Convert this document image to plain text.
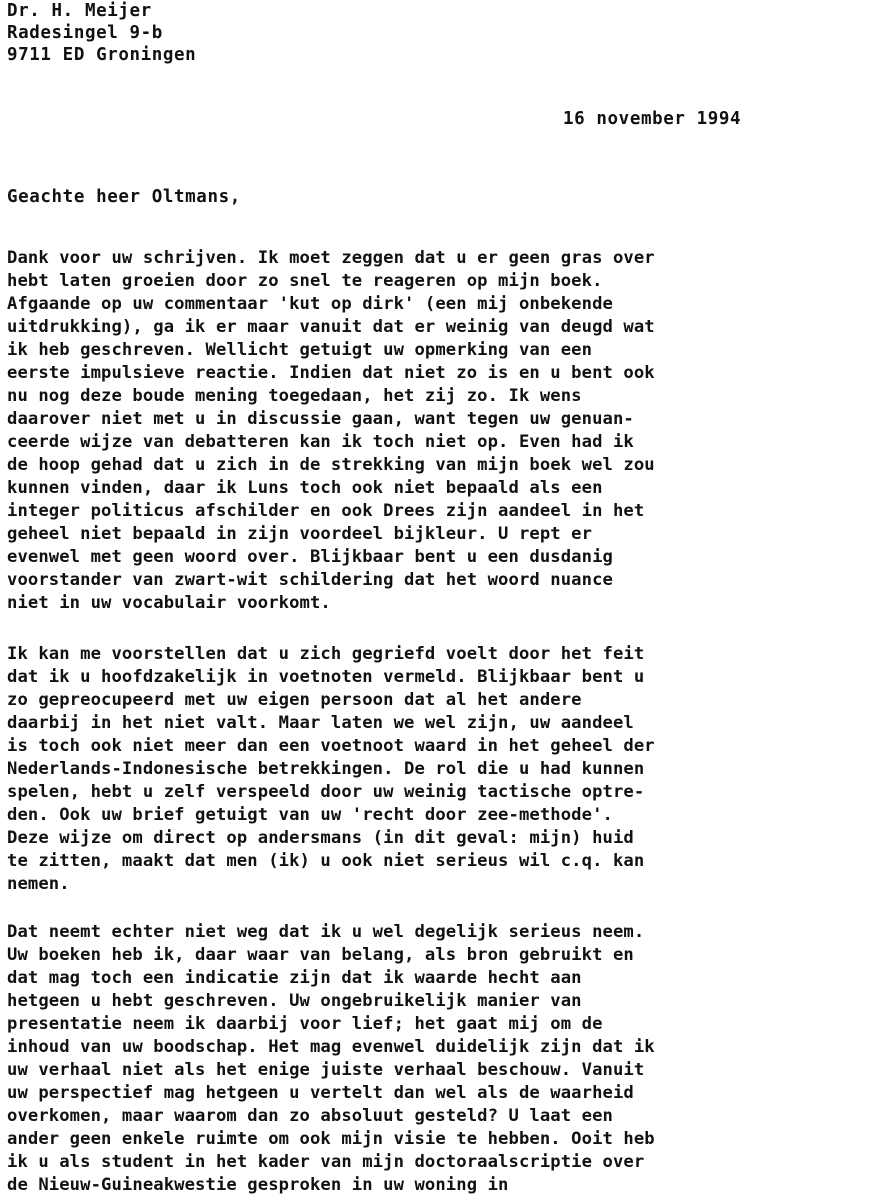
Dr. H. Meijer

Radesingel 9-b

9711 ED Groningen

16 november 1994

Geachte heer Oltmans,

Dank voor uw schrijven. Ik moet zeggen dat u er geen gras over

hebt laten groeien door zo snel te reageren op mijn boek.

Afgaande op uw commentaar 'kut op dirk' (een mij onbekende

uitdrukking), ga ik er maar vanuit dat er weinig van deugd wat

ik heb geschreven. Wellicht getuigt uw opmerking van een

eerste impulsieve reactie. Indien dat niet zo is en u bent ook

nu nog deze boude mening toegedaan, het zij zo. Ik wens

daarover niet met u in discussie gaan, want tegen uw genuan-

ceerde wijze van debatteren kan ik toch niet op. Even had ik

de hoop gehad dat u zich in de strekking van mijn boek wel zou

kunnen vinden, daar ik Luns toch ook niet bepaald als een

integer politicus afschilder en ook Drees zijn aandeel in het

geheel niet bepaald in zijn voordeel bijkleur. U rept er

evenwel met geen woord over. Blijkbaar bent u een dusdanig

voorstander van zwart-wit schildering dat het woord nuance

niet in uw vocabulair voorkomt.

Ik kan me voorstellen dat u zich gegriefd voelt door het feit

dat ik u hoofdzakelijk in voetnoten vermeld. Blijkbaar bent u

zo gepreocupeerd met uw eigen persoon dat al het andere

daarbij in het niet valt. Maar laten we wel zijn, uw aandeel

is toch ook niet meer dan een voetnoot waard in het geheel der

Nederlands-Indonesische betrekkingen. De rol die u had kunnen

spelen, hebt u zelf verspeeld door uw weinig tactische optre-

den. Ook uw brief getuigt van uw 'recht door zee-methode'.

Deze wijze om direct op andersmans (in dit geval: mijn) huid

te zitten, maakt dat men (ik) u ook niet serieus wil c.q. kan

nemen.

Dat neemt echter niet weg dat ik u wel degelijk serieus neem.

Uw boeken heb ik, daar waar van belang, als bron gebruikt en

dat mag toch een indicatie zijn dat ik waarde hecht aan

hetgeen u hebt geschreven. Uw ongebruikelijk manier van

presentatie neem ik daarbij voor lief; het gaat mij om de

inhoud van uw boodschap. Het mag evenwel duidelijk zijn dat ik

uw verhaal niet als het enige juiste verhaal beschouw. Vanuit

uw perspectief mag hetgeen u vertelt dan wel als de waarheid

overkomen, maar waarom dan zo absoluut gesteld? U laat een

ander geen enkele ruimte om ook mijn visie te hebben. Ooit heb

ik u als student in het kader van mijn doctoraalscriptie over

de Nieuw-Guineakwestie gesproken in uw woning in
